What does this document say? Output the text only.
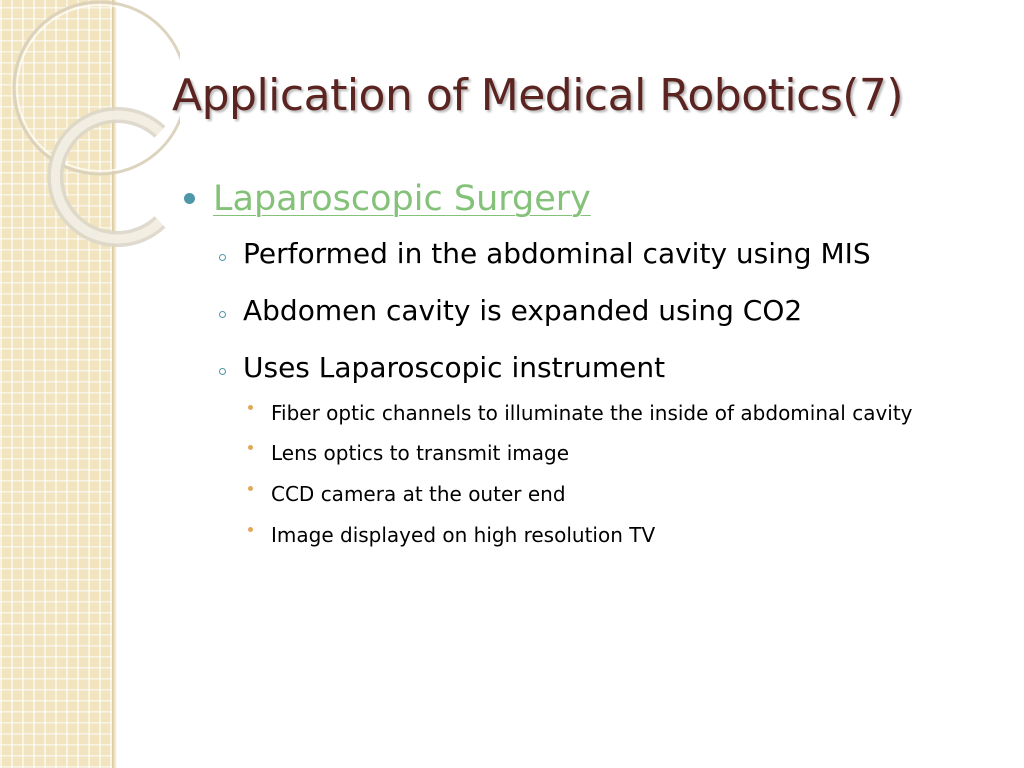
Application of Medical Robotics(7)
Laparoscopic Surgery
Performed in the abdominal cavity using MIS
Abdomen cavity is expanded using CO2
Uses Laparoscopic instrument
Fiber optic channels to illuminate the inside of abdominal cavity
Lens optics to transmit image
CCD camera at the outer end
Image displayed on high resolution TV
